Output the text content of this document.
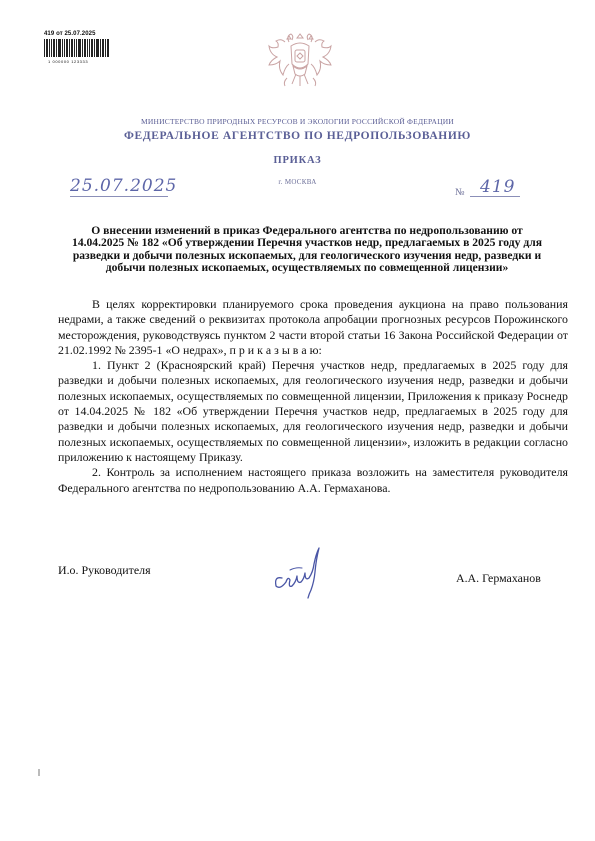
419 от 25.07.2025
1 000000 123333
МИНИСТЕРСТВО ПРИРОДНЫХ РЕСУРСОВ И ЭКОЛОГИИ РОССИЙСКОЙ ФЕДЕРАЦИИ
ФЕДЕРАЛЬНОЕ АГЕНТСТВО ПО НЕДРОПОЛЬЗОВАНИЮ
ПРИКАЗ
25.07.2025	г. МОСКВА
№ 419
О внесении изменений в приказ Федерального агентства по недропользованию от 14.04.2025 № 182 «Об утверждении Перечня участков недр, предлагаемых в 2025 году для разведки и добычи полезных ископаемых, для геологического изучения недр, разведки и добычи полезных ископаемых, осуществляемых по совмещенной лицензии»

В целях корректировки планируемого срока проведения аукциона на право пользования недрами, а также сведений о реквизитах протокола апробации прогнозных ресурсов Порожинского месторождения, руководствуясь пунктом 2 части второй статьи 16 Закона Российской Федерации от 21.02.1992 № 2395-1 «О недрах», п р и к а з ы в а ю:

1. Пункт 2 (Красноярский край) Перечня участков недр, предлагаемых в 2025 году для разведки и добычи полезных ископаемых, для геологического изучения недр, разведки и добычи полезных ископаемых, осуществляемых по совмещенной лицензии, Приложения к приказу Роснедр от 14.04.2025 № 182 «Об утверждении Перечня участков недр, предлагаемых в 2025 году для разведки и добычи полезных ископаемых, для геологического изучения недр, разведки и добычи полезных ископаемых, осуществляемых по совмещенной лицензии», изложить в редакции согласно приложению к настоящему Приказу.

2. Контроль за исполнением настоящего приказа возложить на заместителя руководителя Федерального агентства по недропользованию А.А. Гермаханова.

И.о. Руководителя
А.А. Гермаханов
